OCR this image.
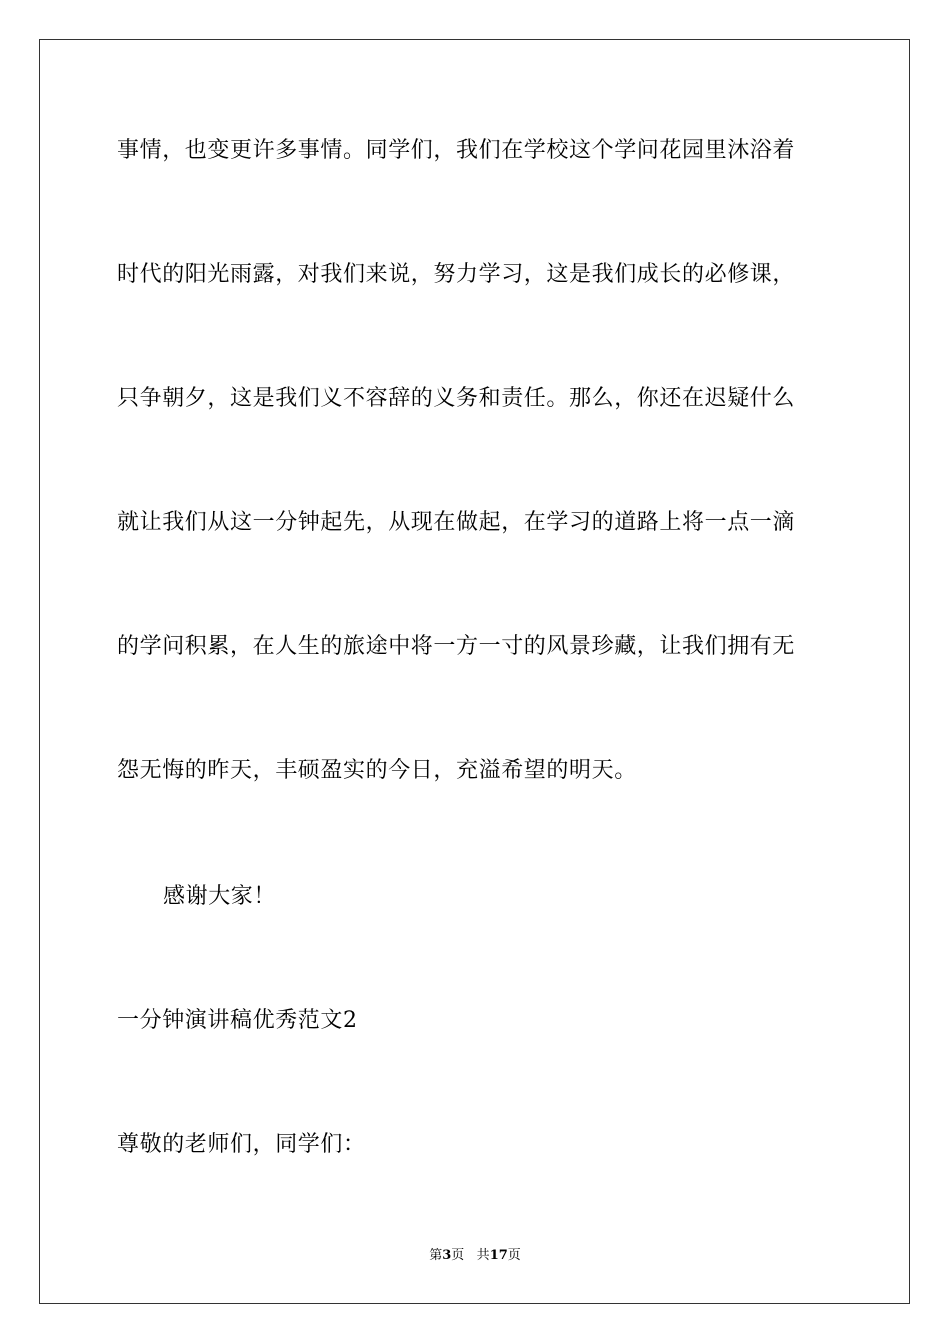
事情，也变更许多事情。同学们，我们在学校这个学问花园里沐浴着
时代的阳光雨露，对我们来说，努力学习，这是我们成长的必修课，
只争朝夕，这是我们义不容辞的义务和责任。那么，你还在迟疑什么
就让我们从这一分钟起先，从现在做起，在学习的道路上将一点一滴
的学问积累，在人生的旅途中将一方一寸的风景珍藏，让我们拥有无
怨无悔的昨天，丰硕盈实的今日，充溢希望的明天。
感谢大家！
一分钟演讲稿优秀范文2
尊敬的老师们，同学们：
第3页 共17页
